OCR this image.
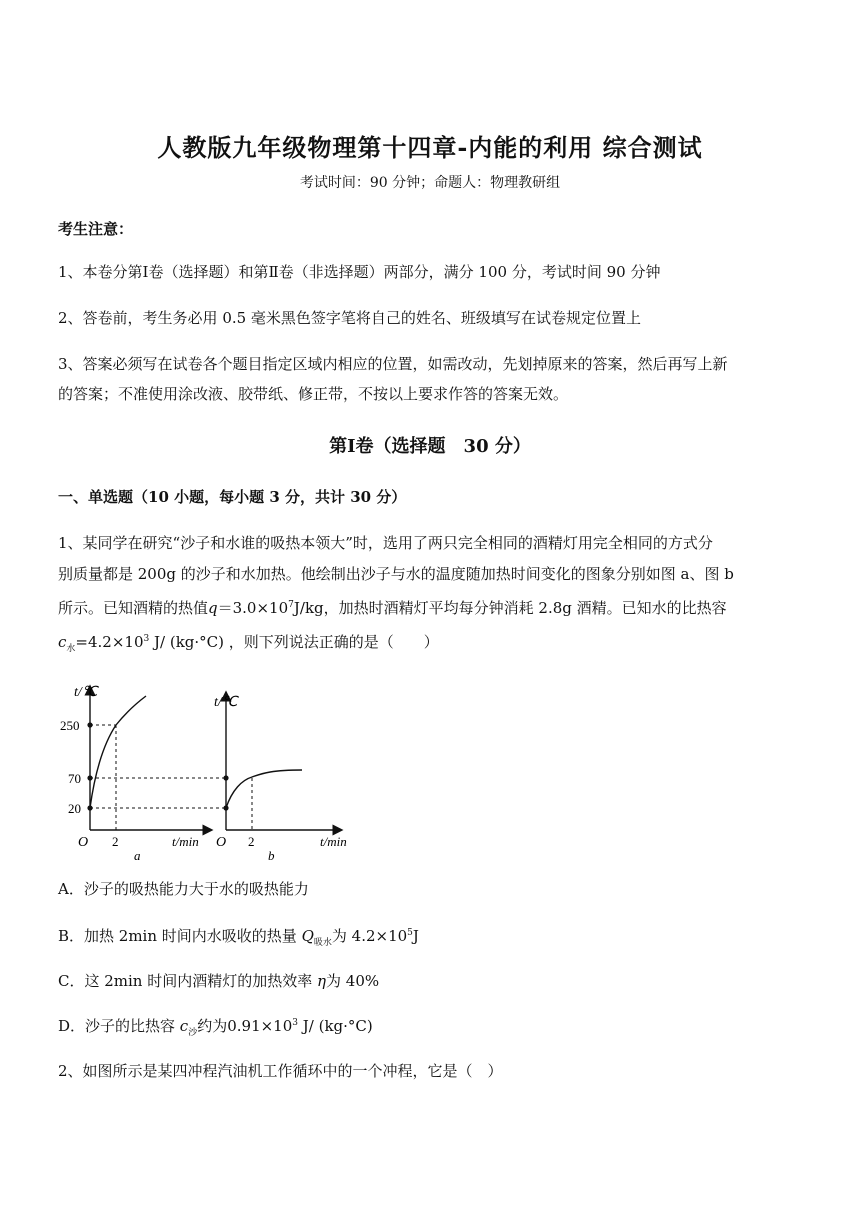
人教版九年级物理第十四章-内能的利用 综合测试
考试时间：90 分钟；命题人：物理教研组
考生注意：
1、本卷分第Ⅰ卷（选择题）和第Ⅱ卷（非选择题）两部分，满分 100 分，考试时间 90 分钟
2、答卷前，考生务必用 0.5 毫米黑色签字笔将自己的姓名、班级填写在试卷规定位置上
3、答案必须写在试卷各个题目指定区域内相应的位置，如需改动，先划掉原来的答案，然后再写上新
的答案；不准使用涂改液、胶带纸、修正带，不按以上要求作答的答案无效。
第Ⅰ卷（选择题　30 分）
一、单选题（10 小题，每小题 3 分，共计 30 分）
1、某同学在研究“沙子和水谁的吸热本领大”时，选用了两只完全相同的酒精灯用完全相同的方式分
别质量都是 200g 的沙子和水加热。他绘制出沙子与水的温度随加热时间变化的图象分别如图 a、图 b
所示。已知酒精的热值$q=3.0\times 10^7J/kg$，加热时酒精灯平均每分钟消耗 2.8g 酒精。已知水的比热容
$c_水=4.2\times 10^3$ J/ (kg·°C) ，则下列说法正确的是（　　）
t/℃
250
70
20
O 2	t/min
a
t/℃
O 2	t/min
b
A．沙子的吸热能力大于水的吸热能力
B．加热 2min 时间内水吸收的热量 $Q_{吸水}$为 $4.2\times 10^5J$
C．这 2min 时间内酒精灯的加热效率 η为 40%
D．沙子的比热容 $c_沙$约为$0.91\times 10^3$ J/ (kg·°C)
2、如图所示是某四冲程汽油机工作循环中的一个冲程，它是（　）
